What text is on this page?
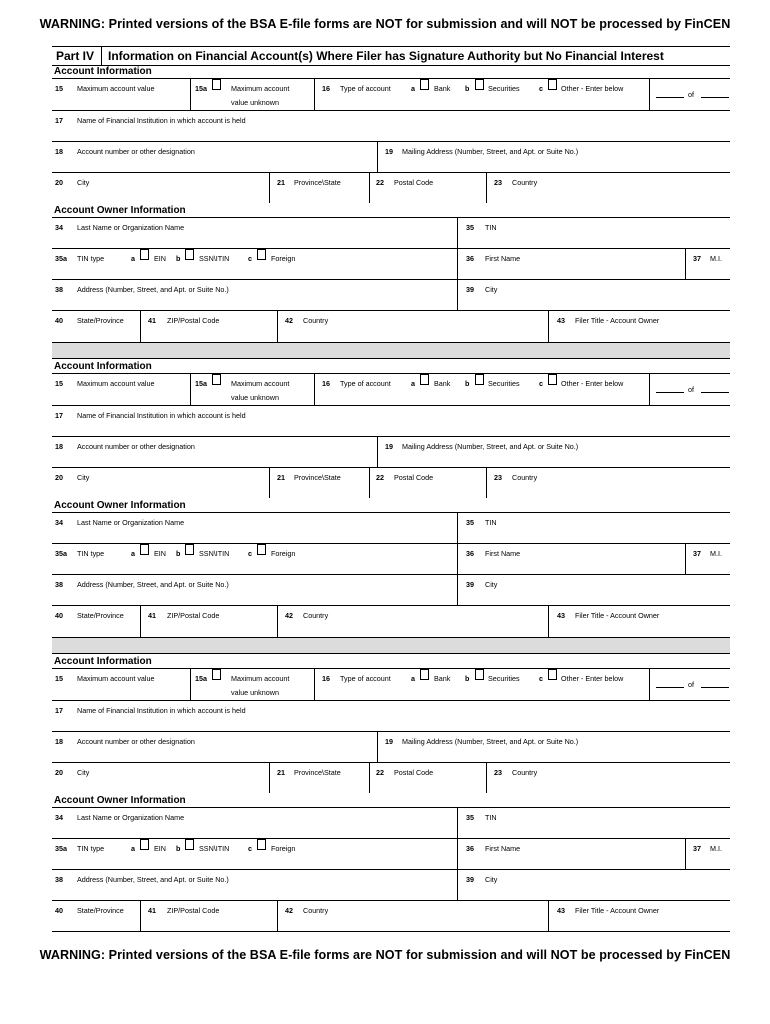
WARNING: Printed versions of the BSA E-file forms are NOT for submission and will NOT be processed by FinCEN
Part IV	Information on Financial Account(s) Where Filer has Signature Authority but No Financial Interest
Account Information
15 Maximum account value	15a	Maximum account
value unknown
16 Type of account	a	Bank b	Securities	c	Other - Enter below
of
17 Name of Financial Institution in which account is held
18 Account number or other designation	19 Mailing Address (Number, Street, and Apt. or Suite No.)
20 City	21 Province\State	22 Postal Code	23 Country
Account Owner Information
34 Last Name or Organization Name	35 TIN
35a TIN type	a	EIN b	SSN\ITIN	c	Foreign	36 First Name	37 M.I.
38 Address (Number, Street, and Apt. or Suite No.)	39 City
40 State/Province	41 ZIP/Postal Code	42 Country	43 Filer Title - Account Owner
Account Information
15 Maximum account value	15a	Maximum account
value unknown
16 Type of account	a	Bank b	Securities	c	Other - Enter below
of
17 Name of Financial Institution in which account is held
18 Account number or other designation	19 Mailing Address (Number, Street, and Apt. or Suite No.)
20 City	21 Province\State	22 Postal Code	23 Country
Account Owner Information
34 Last Name or Organization Name	35 TIN
35a TIN type	a	EIN b	SSN\ITIN	c	Foreign	36 First Name	37 M.I.
38 Address (Number, Street, and Apt. or Suite No.)	39 City
40 State/Province	41 ZIP/Postal Code	42 Country	43 Filer Title - Account Owner
Account Information
15 Maximum account value	15a	Maximum account
value unknown
16 Type of account	a	Bank b	Securities	c	Other - Enter below
of
17 Name of Financial Institution in which account is held
18 Account number or other designation	19 Mailing Address (Number, Street, and Apt. or Suite No.)
20 City	21 Province\State	22 Postal Code	23 Country
Account Owner Information
34 Last Name or Organization Name	35 TIN
35a TIN type	a	EIN b	SSN\ITIN	c	Foreign	36 First Name	37 M.I.
38 Address (Number, Street, and Apt. or Suite No.)	39 City
40 State/Province	41 ZIP/Postal Code	42 Country	43 Filer Title - Account Owner
WARNING: Printed versions of the BSA E-file forms are NOT for submission and will NOT be processed by FinCEN
